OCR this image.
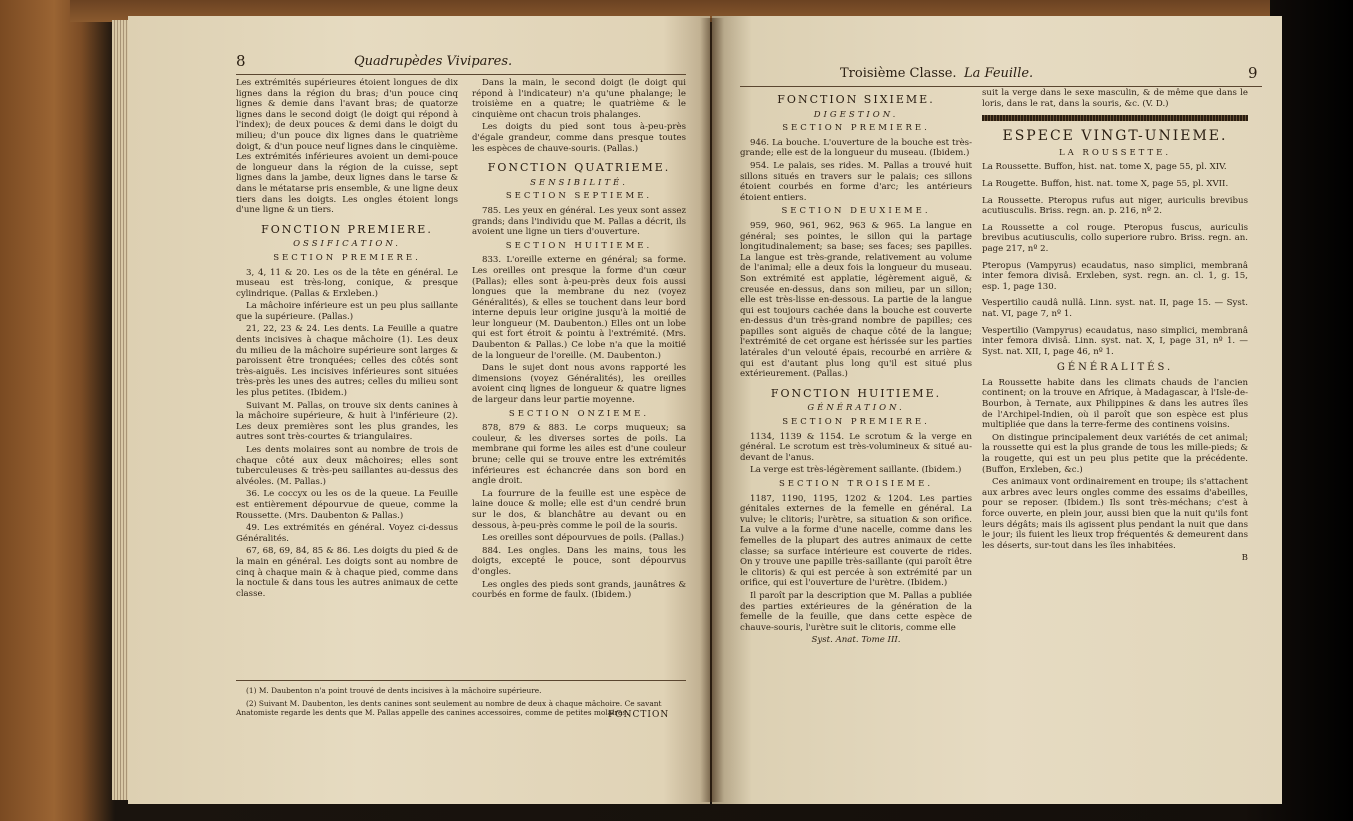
8	Quadrupèdes Vivipares.

Les extrémités supérieures étoient longues de dix lignes dans la région du bras; d'un pouce cinq lignes & demie dans l'avant bras; de quatorze lignes dans le second doigt (le doigt qui répond à l'index); de deux pouces & demi dans le doigt du milieu; d'un pouce dix lignes dans le quatrième doigt, & d'un pouce neuf lignes dans le cinquième. Les extrémités inférieures avoient un demi-pouce de longueur dans la région de la cuisse, sept lignes dans la jambe, deux lignes dans le tarse & dans le métatarse pris ensemble, & une ligne deux tiers dans les doigts. Les ongles étoient longs d'une ligne & un tiers.

FONCTION PREMIERE.
OSSIFICATION.
SECTION PREMIERE.

3, 4, 11 & 20. Les os de la tête en général. Le museau est très-long, conique, & presque cylindrique. (Pallas & Erxleben.)

La mâchoire inférieure est un peu plus saillante que la supérieure. (Pallas.)

21, 22, 23 & 24. Les dents. La Feuille a quatre dents incisives à chaque mâchoire (1). Les deux du milieu de la mâchoire supérieure sont larges & paroissent être tronquées; celles des côtés sont très-aiguës. Les incisives inférieures sont situées très-près les unes des autres; celles du milieu sont les plus petites. (Ibidem.)

Suivant M. Pallas, on trouve six dents canines à la mâchoire supérieure, & huit à l'inférieure (2). Les deux premières sont les plus grandes, les autres sont très-courtes & triangulaires.

Les dents molaires sont au nombre de trois de chaque côté aux deux mâchoires; elles sont tuberculeuses & très-peu saillantes au-dessus des alvéoles. (M. Pallas.)

36. Le coccyx ou les os de la queue. La Feuille est entièrement dépourvue de queue, comme la Roussette. (Mrs. Daubenton & Pallas.)

49. Les extrémités en général. Voyez ci-dessus Généralités.

67, 68, 69, 84, 85 & 86. Les doigts du pied & de la main en général. Les doigts sont au nombre de cinq à chaque main & à chaque pied, comme dans la noctule & dans tous les autres animaux de cette classe.

Dans la main, le second doigt (le doigt qui répond à l'indicateur) n'a qu'une phalange; le troisième en a quatre; le quatrième & le cinquième ont chacun trois phalanges.

Les doigts du pied sont tous à-peu-près d'égale grandeur, comme dans presque toutes les espèces de chauve-souris. (Pallas.)

FONCTION QUATRIEME.
SENSIBILITÉ.
SECTION SEPTIEME.

785. Les yeux en général. Les yeux sont assez grands; dans l'individu que M. Pallas a décrit, ils avoient une ligne un tiers d'ouverture.

SECTION HUITIEME.

833. L'oreille externe en général; sa forme. Les oreilles ont presque la forme d'un cœur (Pallas); elles sont à-peu-près deux fois aussi longues que la membrane du nez (voyez Généralités), & elles se touchent dans leur bord interne depuis leur origine jusqu'à la moitié de leur longueur (M. Daubenton.) Elles ont un lobe qui est fort étroit & pointu à l'extrémité. (Mrs. Daubenton & Pallas.) Ce lobe n'a que la moitié de la longueur de l'oreille. (M. Daubenton.)

Dans le sujet dont nous avons rapporté les dimensions (voyez Généralités), les oreilles avoient cinq lignes de longueur & quatre lignes de largeur dans leur partie moyenne.

SECTION ONZIEME.

878, 879 & 883. Le corps muqueux; sa couleur, & les diverses sortes de poils. La membrane qui forme les ailes est d'une couleur brune; celle qui se trouve entre les extrémités inférieures est échancrée dans son bord en angle droit.

La fourrure de la feuille est une espèce de laine douce & molle; elle est d'un cendré brun sur le dos, & blanchâtre au devant ou en dessous, à-peu-près comme le poil de la souris.

Les oreilles sont dépourvues de poils. (Pallas.)

884. Les ongles. Dans les mains, tous les doigts, excepté le pouce, sont dépourvus d'ongles.

Les ongles des pieds sont grands, jaunâtres & courbés en forme de faulx. (Ibidem.)

(1) M. Daubenton n'a point trouvé de dents incisives à la mâchoire supérieure.

(2) Suivant M. Daubenton, les dents canines sont seulement au nombre de deux à chaque mâchoire. Ce savant Anatomiste regarde les dents que M. Pallas appelle des canines accessoires, comme de petites molaires.

FONCTION
Troisième Classe. La Feuille.	9
FONCTION SIXIEME.
DIGESTION.
SECTION PREMIERE.

946. La bouche. L'ouverture de la bouche est très-grande; elle est de la longueur du museau. (Ibidem.)

954. Le palais, ses rides. M. Pallas a trouvé huit sillons situés en travers sur le palais; ces sillons étoient courbés en forme d'arc; les antérieurs étoient entiers.

SECTION DEUXIEME.

959, 960, 961, 962, 963 & 965. La langue en général; ses pointes, le sillon qui la partage longitudinalement; sa base; ses faces; ses papilles. La langue est très-grande, relativement au volume de l'animal; elle a deux fois la longueur du museau. Son extrémité est applatie, légèrement aiguë, & creusée en-dessus, dans son milieu, par un sillon; elle est très-lisse en-dessous. La partie de la langue qui est toujours cachée dans la bouche est couverte en-dessus d'un très-grand nombre de papilles; ces papilles sont aiguës de chaque côté de la langue; l'extrémité de cet organe est hérissée sur les parties latérales d'un velouté épais, recourbé en arrière & qui est d'autant plus long qu'il est situé plus extérieurement. (Pallas.)

FONCTION HUITIEME.
GÉNÉRATION.
SECTION PREMIERE.

1134, 1139 & 1154. Le scrotum & la verge en général. Le scrotum est très-volumineux & situé au-devant de l'anus.

La verge est très-légèrement saillante. (Ibidem.)

SECTION TROISIEME.

1187, 1190, 1195, 1202 & 1204. Les parties génitales externes de la femelle en général. La vulve; le clitoris; l'urètre, sa situation & son orifice. La vulve a la forme d'une nacelle, comme dans les femelles de la plupart des autres animaux de cette classe; sa surface intérieure est couverte de rides. On y trouve une papille très-saillante (qui paroît être le clitoris) & qui est percée à son extrémité par un orifice, qui est l'ouverture de l'urètre. (Ibidem.)

Il paroît par la description que M. Pallas a publiée des parties extérieures de la génération de la femelle de la feuille, que dans cette espèce de chauve-souris, l'urètre suit le clitoris, comme elle

Syst. Anat. Tome III.

suit la verge dans le sexe masculin, & de même que dans le loris, dans le rat, dans la souris, &c. (V. D.)

ESPECE VINGT-UNIEME.
LA ROUSSETTE.

La Roussette. Buffon, hist. nat. tome X, page 55, pl. XIV.

La Rougette. Buffon, hist. nat. tome X, page 55, pl. XVII.

La Roussette. Pteropus rufus aut niger, auriculis brevibus acutiusculis. Briss. regn. an. p. 216, nº 2.

La Roussette a col rouge. Pteropus fuscus, auriculis brevibus acutiusculis, collo superiore rubro. Briss. regn. an. page 217, nº 2.

Pteropus (Vampyrus) ecaudatus, naso simplici, membranâ inter femora divisâ. Erxleben, syst. regn. an. cl. 1, g. 15, esp. 1, page 130.

Vespertilio caudâ nullâ. Linn. syst. nat. II, page 15. — Syst. nat. VI, page 7, nº 1.

Vespertilio (Vampyrus) ecaudatus, naso simplici, membranâ inter femora divisâ. Linn. syst. nat. X, I, page 31, nº 1. — Syst. nat. XII, I, page 46, nº 1.

GÉNÉRALITÉS.

La Roussette habite dans les climats chauds de l'ancien continent; on la trouve en Afrique, à Madagascar, à l'Isle-de-Bourbon, à Ternate, aux Philippines & dans les autres îles de l'Archipel-Indien, où il paroît que son espèce est plus multipliée que dans la terre-ferme des continens voisins.

On distingue principalement deux variétés de cet animal; la roussette qui est la plus grande de tous les mille-pieds; & la rougette, qui est un peu plus petite que la précédente. (Buffon, Erxleben, &c.)

Ces animaux vont ordinairement en troupe; ils s'attachent aux arbres avec leurs ongles comme des essaims d'abeilles, pour se reposer. (Ibidem.) Ils sont très-méchans; c'est à force ouverte, en plein jour, aussi bien que la nuit qu'ils font leurs dégâts; mais ils agissent plus pendant la nuit que dans le jour; ils fuient les lieux trop fréquentés & demeurent dans les déserts, sur-tout dans les îles inhabitées.

B
